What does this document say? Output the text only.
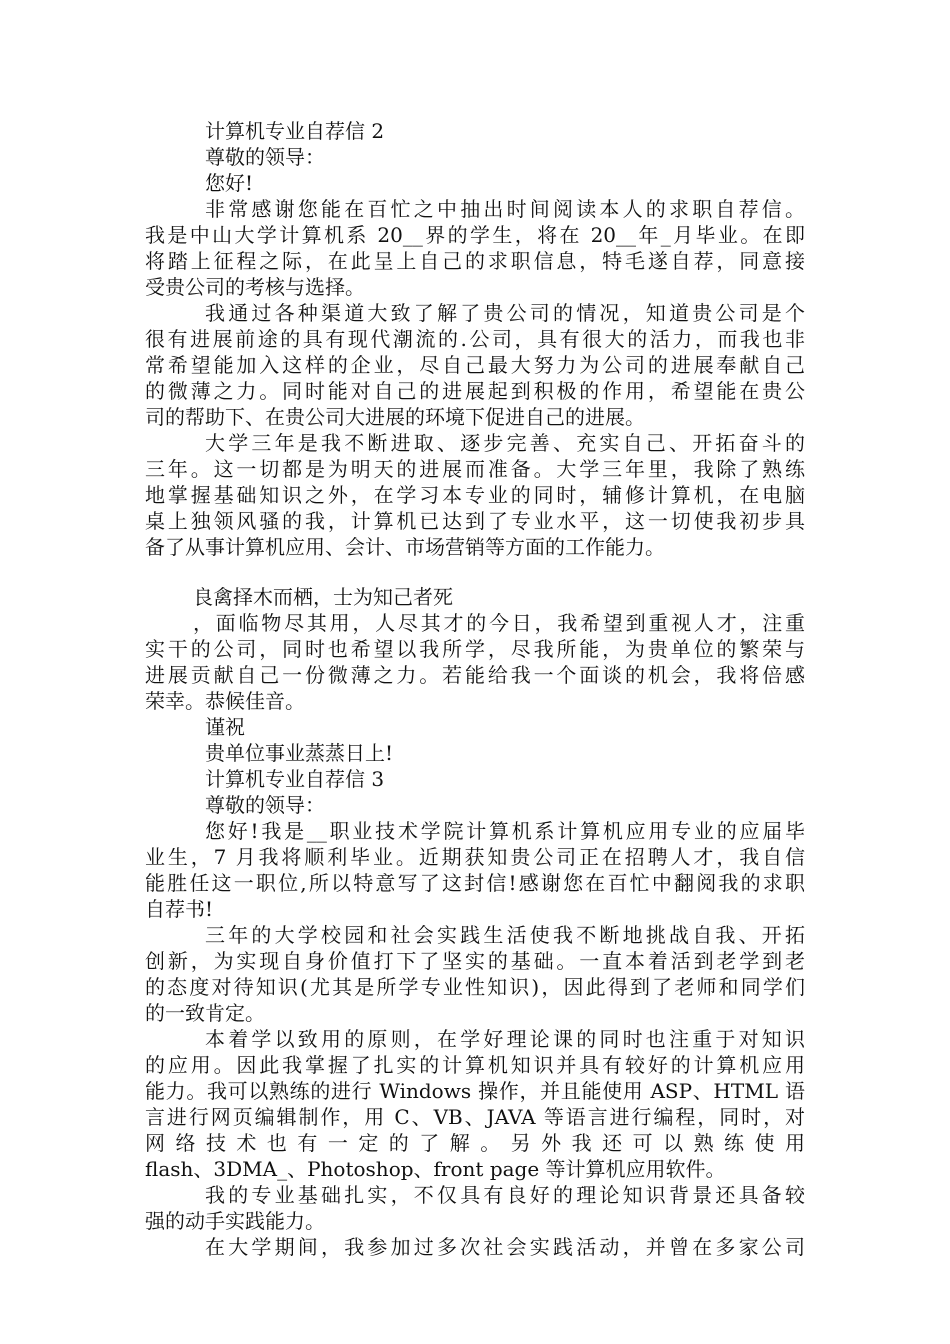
计算机专业自荐信 2
尊敬的领导：
您好!
非常感谢您能在百忙之中抽出时间阅读本人的求职自荐信。
我是中山大学计算机系 20__界的学生，将在 20__年_月毕业。在即
将踏上征程之际，在此呈上自己的求职信息，特毛遂自荐，同意接
受贵公司的考核与选择。
我通过各种渠道大致了解了贵公司的情况，知道贵公司是个
很有进展前途的具有现代潮流的.公司，具有很大的活力，而我也非
常希望能加入这样的企业，尽自己最大努力为公司的进展奉献自己
的微薄之力。同时能对自己的进展起到积极的作用，希望能在贵公
司的帮助下、在贵公司大进展的环境下促进自己的进展。
大学三年是我不断进取、逐步完善、充实自己、开拓奋斗的
三年。这一切都是为明天的进展而准备。大学三年里，我除了熟练
地掌握基础知识之外，在学习本专业的同时，辅修计算机，在电脑
桌上独领风骚的我，计算机已达到了专业水平，这一切使我初步具
备了从事计算机应用、会计、市场营销等方面的工作能力。
良禽择木而栖，士为知己者死
，面临物尽其用，人尽其才的今日，我希望到重视人才，注重
实干的公司，同时也希望以我所学，尽我所能，为贵单位的繁荣与
进展贡献自己一份微薄之力。若能给我一个面谈的机会，我将倍感
荣幸。恭候佳音。
谨祝
贵单位事业蒸蒸日上!
计算机专业自荐信 3
尊敬的领导：
您好!我是__职业技术学院计算机系计算机应用专业的应届毕
业生，7 月我将顺利毕业。近期获知贵公司正在招聘人才，我自信
能胜任这一职位,所以特意写了这封信!感谢您在百忙中翻阅我的求职
自荐书!
三年的大学校园和社会实践生活使我不断地挑战自我、开拓
创新，为实现自身价值打下了坚实的基础。一直本着活到老学到老
的态度对待知识(尤其是所学专业性知识)，因此得到了老师和同学们
的一致肯定。
本着学以致用的原则，在学好理论课的同时也注重于对知识
的应用。因此我掌握了扎实的计算机知识并具有较好的计算机应用
能力。我可以熟练的进行 Windows 操作，并且能使用 ASP、HTML 语
言进行网页编辑制作，用 C、VB、JAVA 等语言进行编程，同时，对
网 络 技 术 也 有 一 定 的 了 解 。 另 外 我 还 可 以 熟 练 使 用
flash、3DMA_、Photoshop、front page 等计算机应用软件。
我的专业基础扎实，不仅具有良好的理论知识背景还具备较
强的动手实践能力。
在大学期间，我参加过多次社会实践活动，并曾在多家公司
